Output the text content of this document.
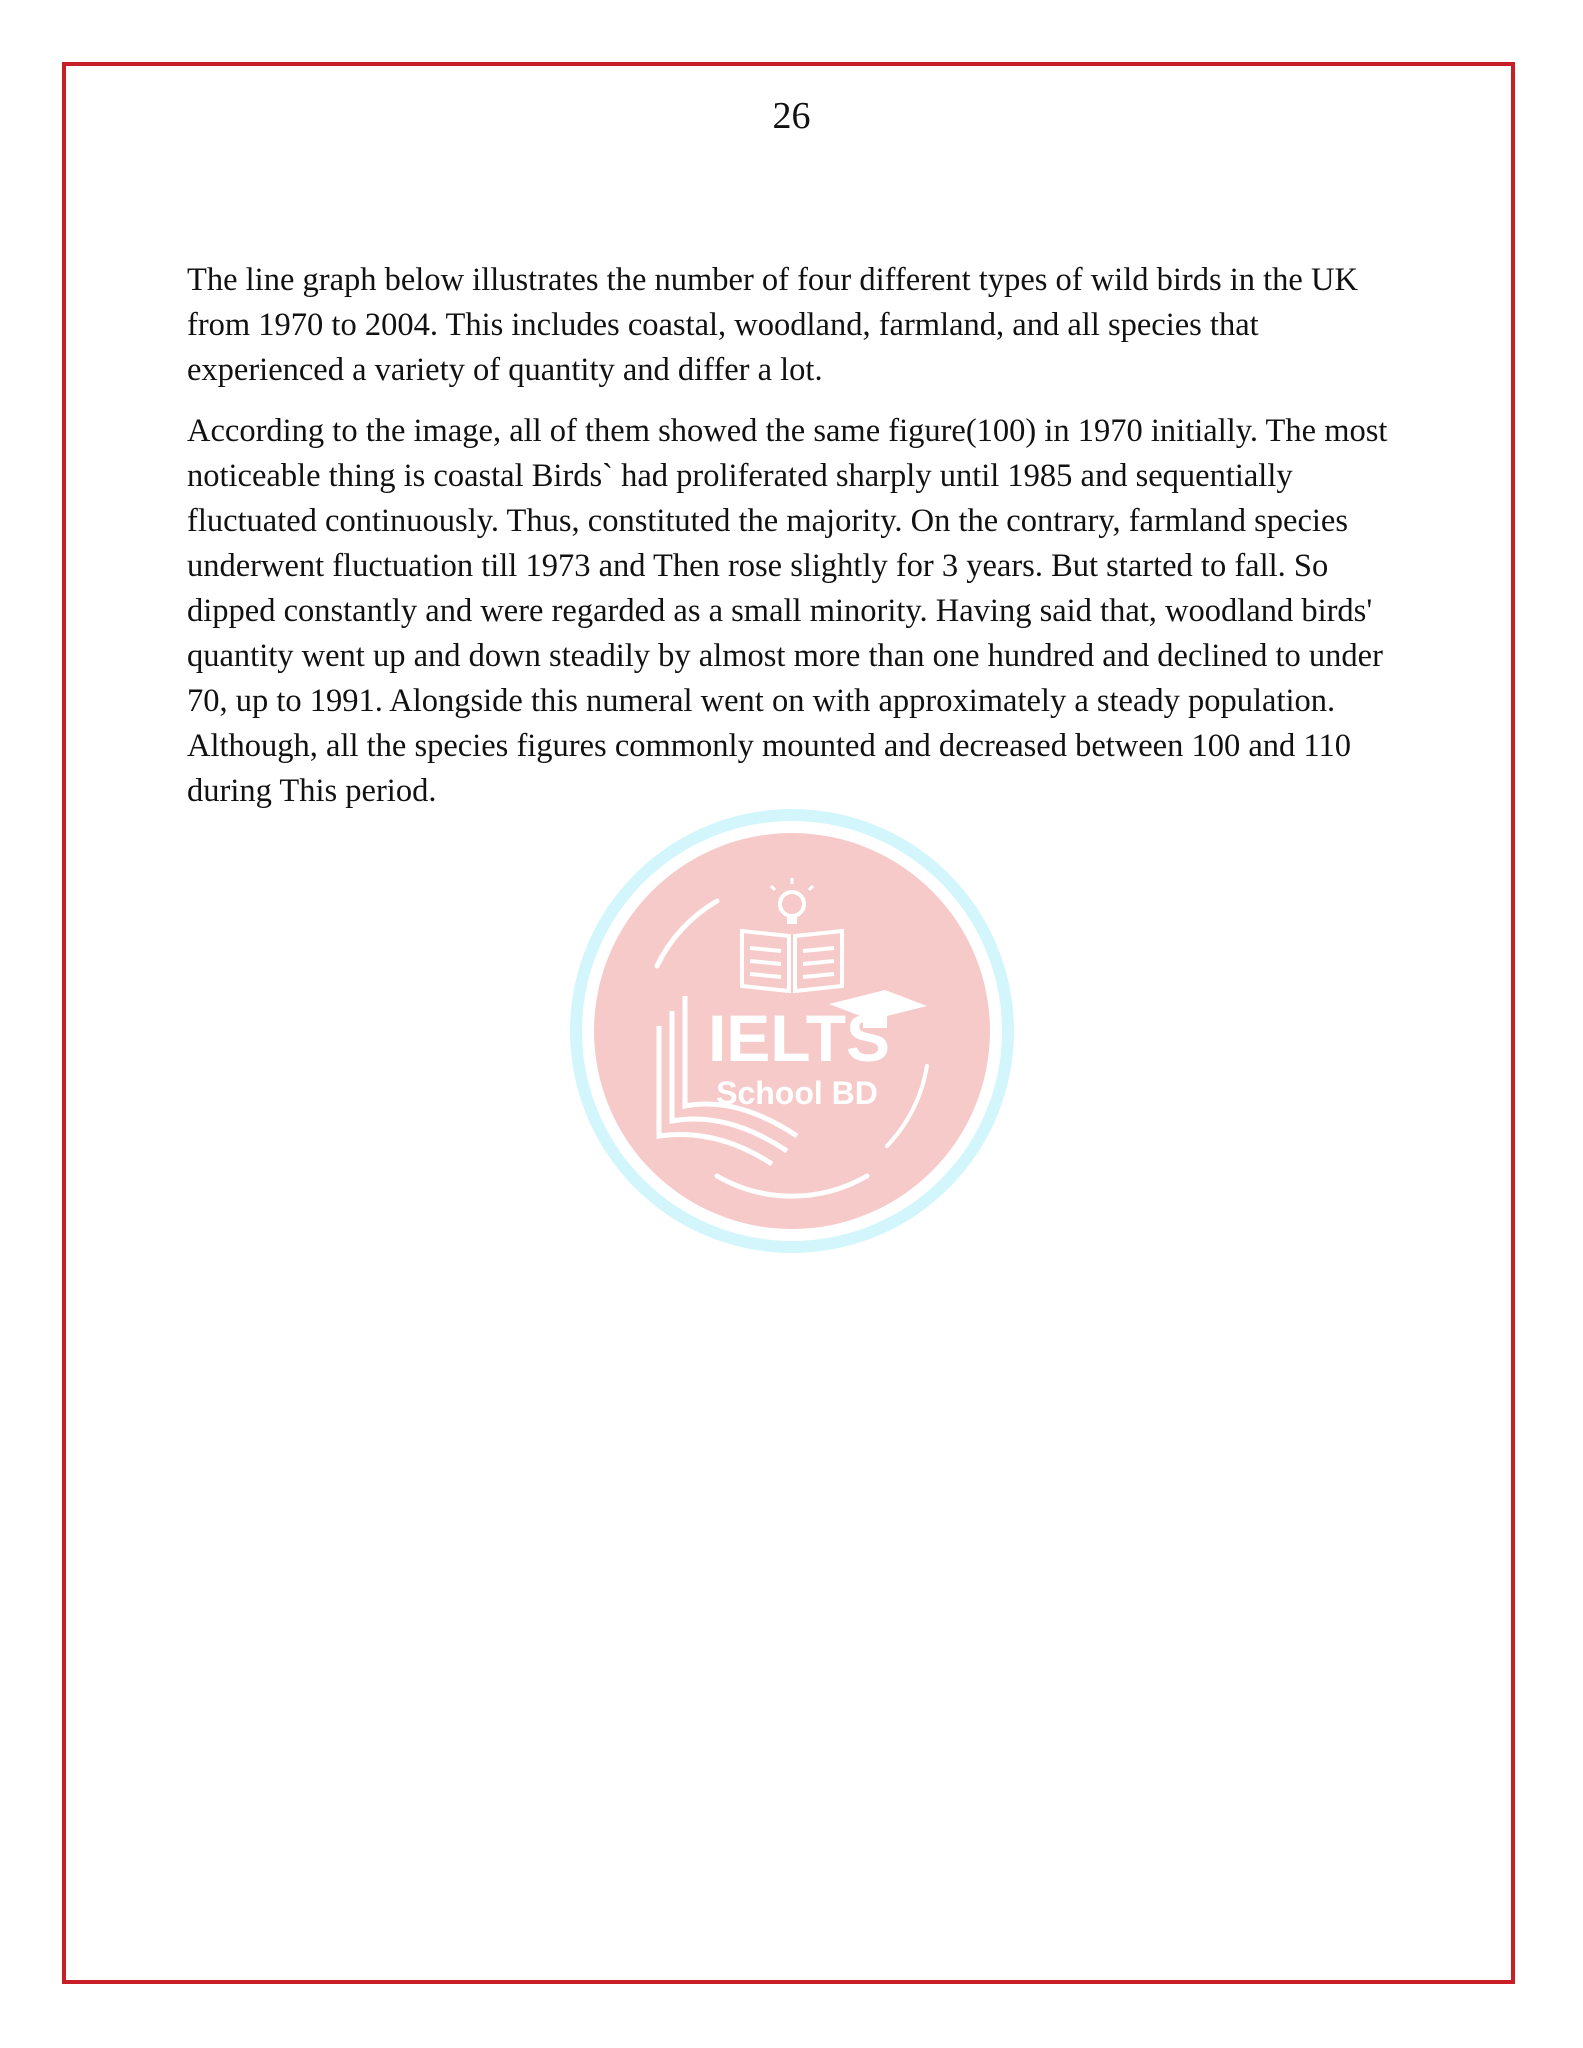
26

The line graph below illustrates the number of four different types of wild birds in the UK from 1970 to 2004. This includes coastal, woodland, farmland, and all species that experienced a variety of quantity and differ a lot.

According to the image, all of them showed the same figure(100) in 1970 initially. The most noticeable thing is coastal Birds` had proliferated sharply until 1985 and sequentially fluctuated continuously. Thus, constituted the majority. On the contrary, farmland species underwent fluctuation till 1973 and Then rose slightly for 3 years. But started to fall. So dipped constantly and were regarded as a small minority. Having said that, woodland birds' quantity went up and down steadily by almost more than one hundred and declined to under 70, up to 1991. Alongside this numeral went on with approximately a steady population. Although, all the species figures commonly mounted and decreased between 100 and 110 during This period.

IELTS
School BD
